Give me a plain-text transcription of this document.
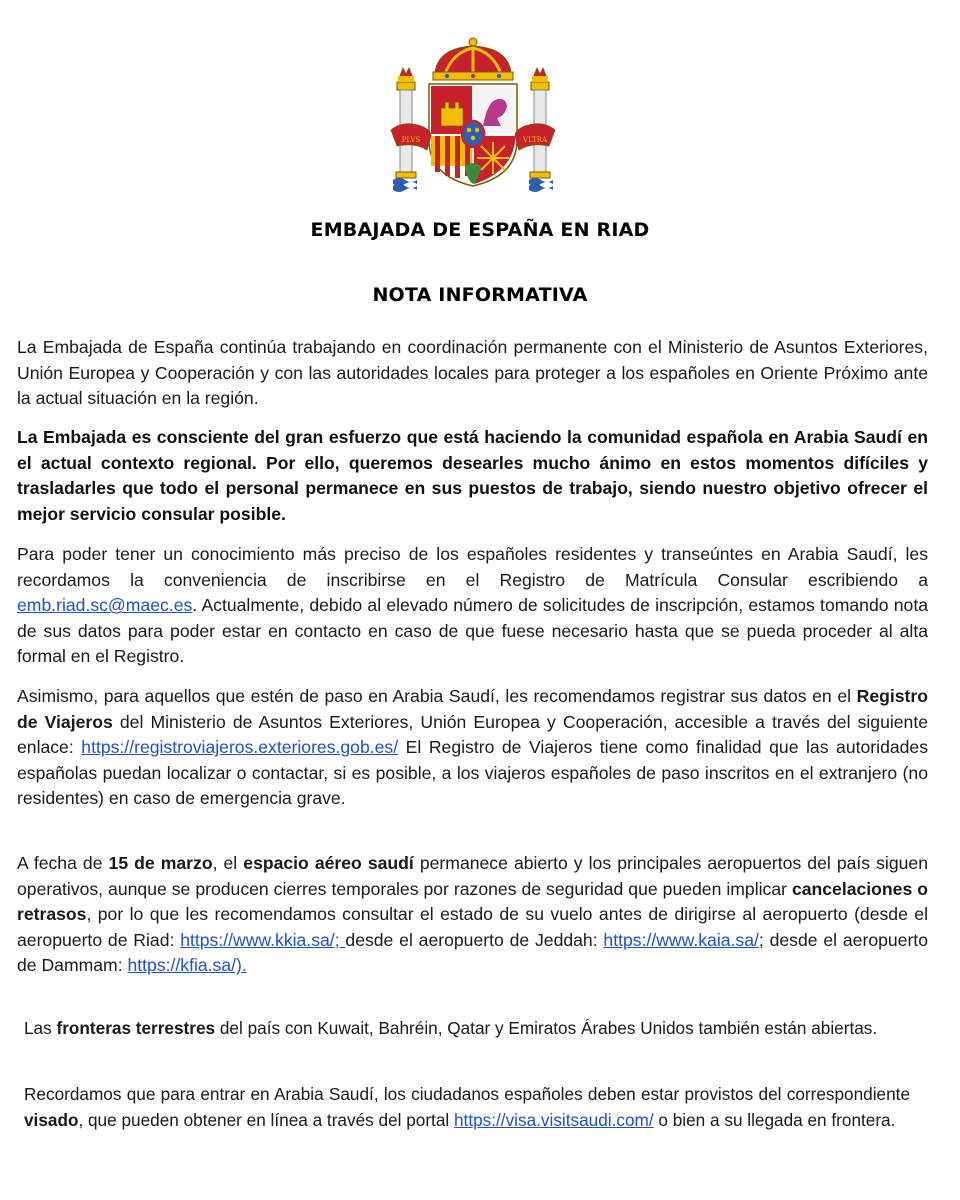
PLVS	VLTRA
EMBAJADA DE ESPAÑA EN RIAD
NOTA INFORMATIVA
La Embajada de España continúa trabajando en coordinación permanente con el Ministerio de Asuntos Exteriores, Unión Europea y Cooperación y con las autoridades locales para proteger a los españoles en Oriente Próximo ante la actual situación en la región.
La Embajada es consciente del gran esfuerzo que está haciendo la comunidad española en Arabia Saudí en el actual contexto regional. Por ello, queremos desearles mucho ánimo en estos momentos difíciles y trasladarles que todo el personal permanece en sus puestos de trabajo, siendo nuestro objetivo ofrecer el mejor servicio consular posible.
Para poder tener un conocimiento más preciso de los españoles residentes y transeúntes en Arabia Saudí, les recordamos la conveniencia de inscribirse en el Registro de Matrícula Consular escribiendo a emb.riad.sc@maec.es. Actualmente, debido al elevado número de solicitudes de inscripción, estamos tomando nota de sus datos para poder estar en contacto en caso de que fuese necesario hasta que se pueda proceder al alta formal en el Registro.
Asimismo, para aquellos que estén de paso en Arabia Saudí, les recomendamos registrar sus datos en el Registro de Viajeros del Ministerio de Asuntos Exteriores, Unión Europea y Cooperación, accesible a través del siguiente enlace: https://registroviajeros.exteriores.gob.es/ El Registro de Viajeros tiene como finalidad que las autoridades españolas puedan localizar o contactar, si es posible, a los viajeros españoles de paso inscritos en el extranjero (no residentes) en caso de emergencia grave.
A fecha de 15 de marzo, el espacio aéreo saudí permanece abierto y los principales aeropuertos del país siguen operativos, aunque se producen cierres temporales por razones de seguridad que pueden implicar cancelaciones o retrasos, por lo que les recomendamos consultar el estado de su vuelo antes de dirigirse al aeropuerto (desde el aeropuerto de Riad: https://www.kkia.sa/; desde el aeropuerto de Jeddah: https://www.kaia.sa/; desde el aeropuerto de Dammam: https://kfia.sa/).
Las fronteras terrestres del país con Kuwait, Bahréin, Qatar y Emiratos Árabes Unidos también están abiertas.
Recordamos que para entrar en Arabia Saudí, los ciudadanos españoles deben estar provistos del correspondiente visado, que pueden obtener en línea a través del portal https://visa.visitsaudi.com/ o bien a su llegada en frontera.
